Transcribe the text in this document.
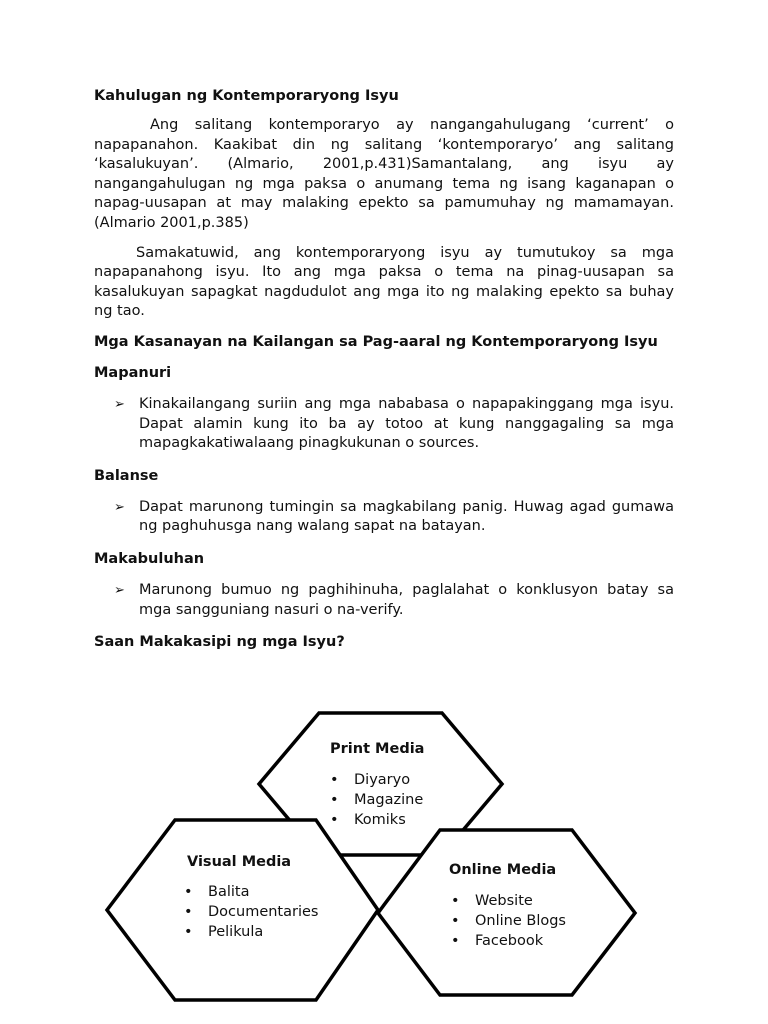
Kahulugan ng Kontemporaryong Isyu

Ang salitang kontemporaryo ay nangangahulugang ‘current’ o napapanahon. Kaakibat din ng salitang ‘kontemporaryo’ ang salitang ‘kasalukuyan’. (Almario, 2001,p.431)Samantalang, ang isyu ay nangangahulugan ng mga paksa o anumang tema ng isang kaganapan o napag-uusapan at may malaking epekto sa pamumuhay ng mamamayan. (Almario 2001,p.385)

Samakatuwid, ang kontemporaryong isyu ay tumutukoy sa mga napapanahong isyu. Ito ang mga paksa o tema na pinag-uusapan sa kasalukuyan sapagkat nagdudulot ang mga ito ng malaking epekto sa buhay ng tao.

Mga Kasanayan na Kailangan sa Pag-aaral ng Kontemporaryong Isyu

Mapanuri

➢ Kinakailangang suriin ang mga nababasa o napapakinggang mga isyu. Dapat alamin kung ito ba ay totoo at kung nanggagaling sa mga mapagkakatiwalaang pinagkukunan o sources.

Balanse

➢ Dapat marunong tumingin sa magkabilang panig. Huwag agad gumawa ng paghuhusga nang walang sapat na batayan.

Makabuluhan

➢ Marunong bumuo ng paghihinuha, paglalahat o konklusyon batay sa mga sangguniang nasuri o na-verify.

Saan Makakasipi ng mga Isyu?

Print Media
•	Diyaryo
•	Magazine
•	Komiks
Visual Media
•	Balita
•	Documentaries
•	Pelikula
Online Media
•	Website
•	Online Blogs
•	Facebook
